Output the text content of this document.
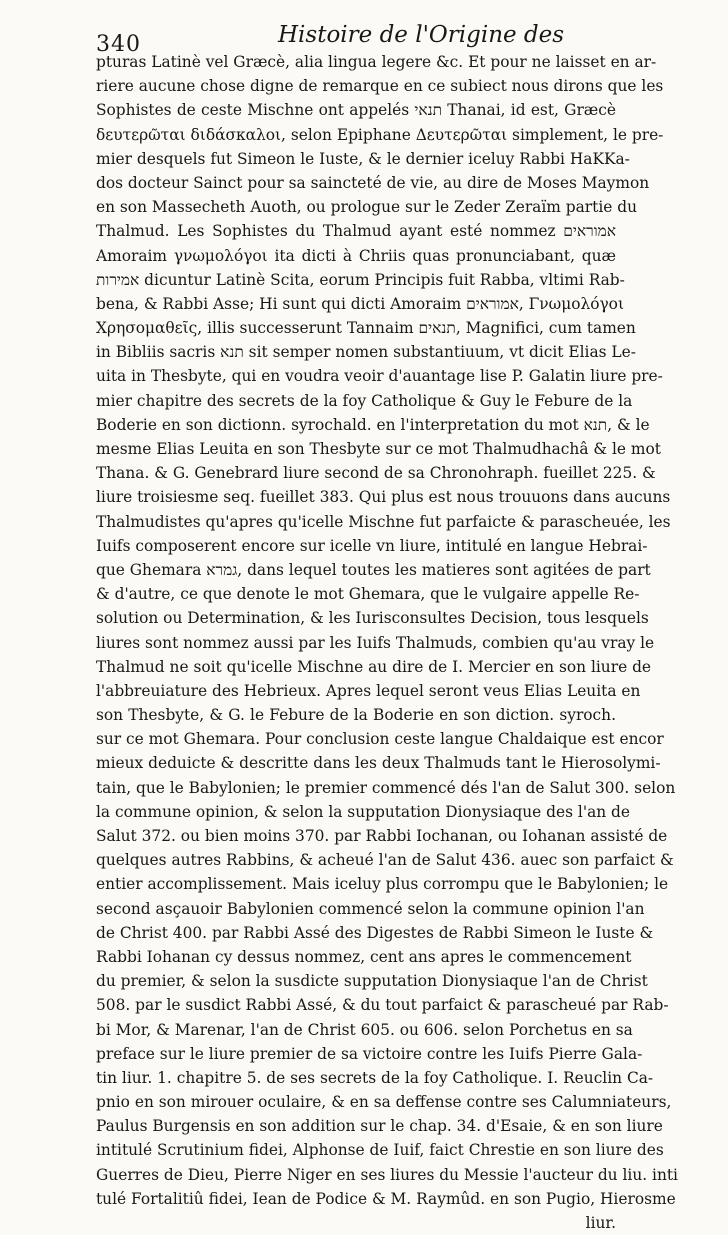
340	Histoire de l'Origine des
pturas Latinè vel Græcè, alia lingua legere &c. Et pour ne laisset en ar-
riere aucune chose digne de remarque en ce subiect nous dirons que les
Sophistes de ceste Mischne ont appelés תנאי Thanai, id est, Græcè
δευτερῶται διδάσκαλοι, selon Epiphane Δευτερῶται simplement, le pre-
mier desquels fut Simeon le Iuste, & le dernier iceluy Rabbi HaKKa-
dos docteur Sainct pour sa saincteté de vie, au dire de Moses Maymon
en son Massecheth Auoth, ou prologue sur le Zeder Zeraïm partie du
Thalmud. Les Sophistes du Thalmud ayant esté nommez אמוראים
Amoraim γνωμολόγοι ita dicti à Chriis quas pronunciabant, quæ
אמירות dicuntur Latinè Scita, eorum Principis fuit Rabba, vltimi Rab-
bena, & Rabbi Asse; Hi sunt qui dicti Amoraim אמוראים, Γνωμολόγοι
Χρησομαθεῖς, illis successerunt Tannaim תנאים, Magnifici, cum tamen
in Bibliis sacris תנא sit semper nomen substantiuum, vt dicit Elias Le-
uita in Thesbyte, qui en voudra veoir d'auantage lise P. Galatin liure pre-
mier chapitre des secrets de la foy Catholique & Guy le Febure de la
Boderie en son dictionn. syrochald. en l'interpretation du mot תנא, & le
mesme Elias Leuita en son Thesbyte sur ce mot Thalmudhachâ & le mot
Thana. & G. Genebrard liure second de sa Chronohraph. fueillet 225. &
liure troisiesme seq. fueillet 383. Qui plus est nous trouuons dans aucuns
Thalmudistes qu'apres qu'icelle Mischne fut parfaicte & parascheuée, les
Iuifs composerent encore sur icelle vn liure, intitulé en langue Hebrai-
que Ghemara גמרא, dans lequel toutes les matieres sont agitées de part
& d'autre, ce que denote le mot Ghemara, que le vulgaire appelle Re-
solution ou Determination, & les Iurisconsultes Decision, tous lesquels
liures sont nommez aussi par les Iuifs Thalmuds, combien qu'au vray le
Thalmud ne soit qu'icelle Mischne au dire de I. Mercier en son liure de
l'abbreuiature des Hebrieux. Apres lequel seront veus Elias Leuita en
son Thesbyte, & G. le Febure de la Boderie en son diction. syroch.
sur ce mot Ghemara. Pour conclusion ceste langue Chaldaique est encor
mieux deduicte & descritte dans les deux Thalmuds tant le Hierosolymi-
tain, que le Babylonien; le premier commencé dés l'an de Salut 300. selon
la commune opinion, & selon la supputation Dionysiaque des l'an de
Salut 372. ou bien moins 370. par Rabbi Iochanan, ou Iohanan assisté de
quelques autres Rabbins, & acheué l'an de Salut 436. auec son parfaict &
entier accomplissement. Mais iceluy plus corrompu que le Babylonien; le
second asçauoir Babylonien commencé selon la commune opinion l'an
de Christ 400. par Rabbi Assé des Digestes de Rabbi Simeon le Iuste &
Rabbi Iohanan cy dessus nommez, cent ans apres le commencement
du premier, & selon la susdicte supputation Dionysiaque l'an de Christ
508. par le susdict Rabbi Assé, & du tout parfaict & parascheué par Rab-
bi Mor, & Marenar, l'an de Christ 605. ou 606. selon Porchetus en sa
preface sur le liure premier de sa victoire contre les Iuifs Pierre Gala-
tin liur. 1. chapitre 5. de ses secrets de la foy Catholique. I. Reuclin Ca-
pnio en son mirouer oculaire, & en sa deffense contre ses Calumniateurs,
Paulus Burgensis en son addition sur le chap. 34. d'Esaie, & en son liure
intitulé Scrutinium fidei, Alphonse de Iuif, faict Chrestie en son liure des
Guerres de Dieu, Pierre Niger en ses liures du Messie l'aucteur du liu. inti
tulé Fortalitiû fidei, Iean de Podice & M. Raymûd. en son Pugio, Hierosme
liur.
